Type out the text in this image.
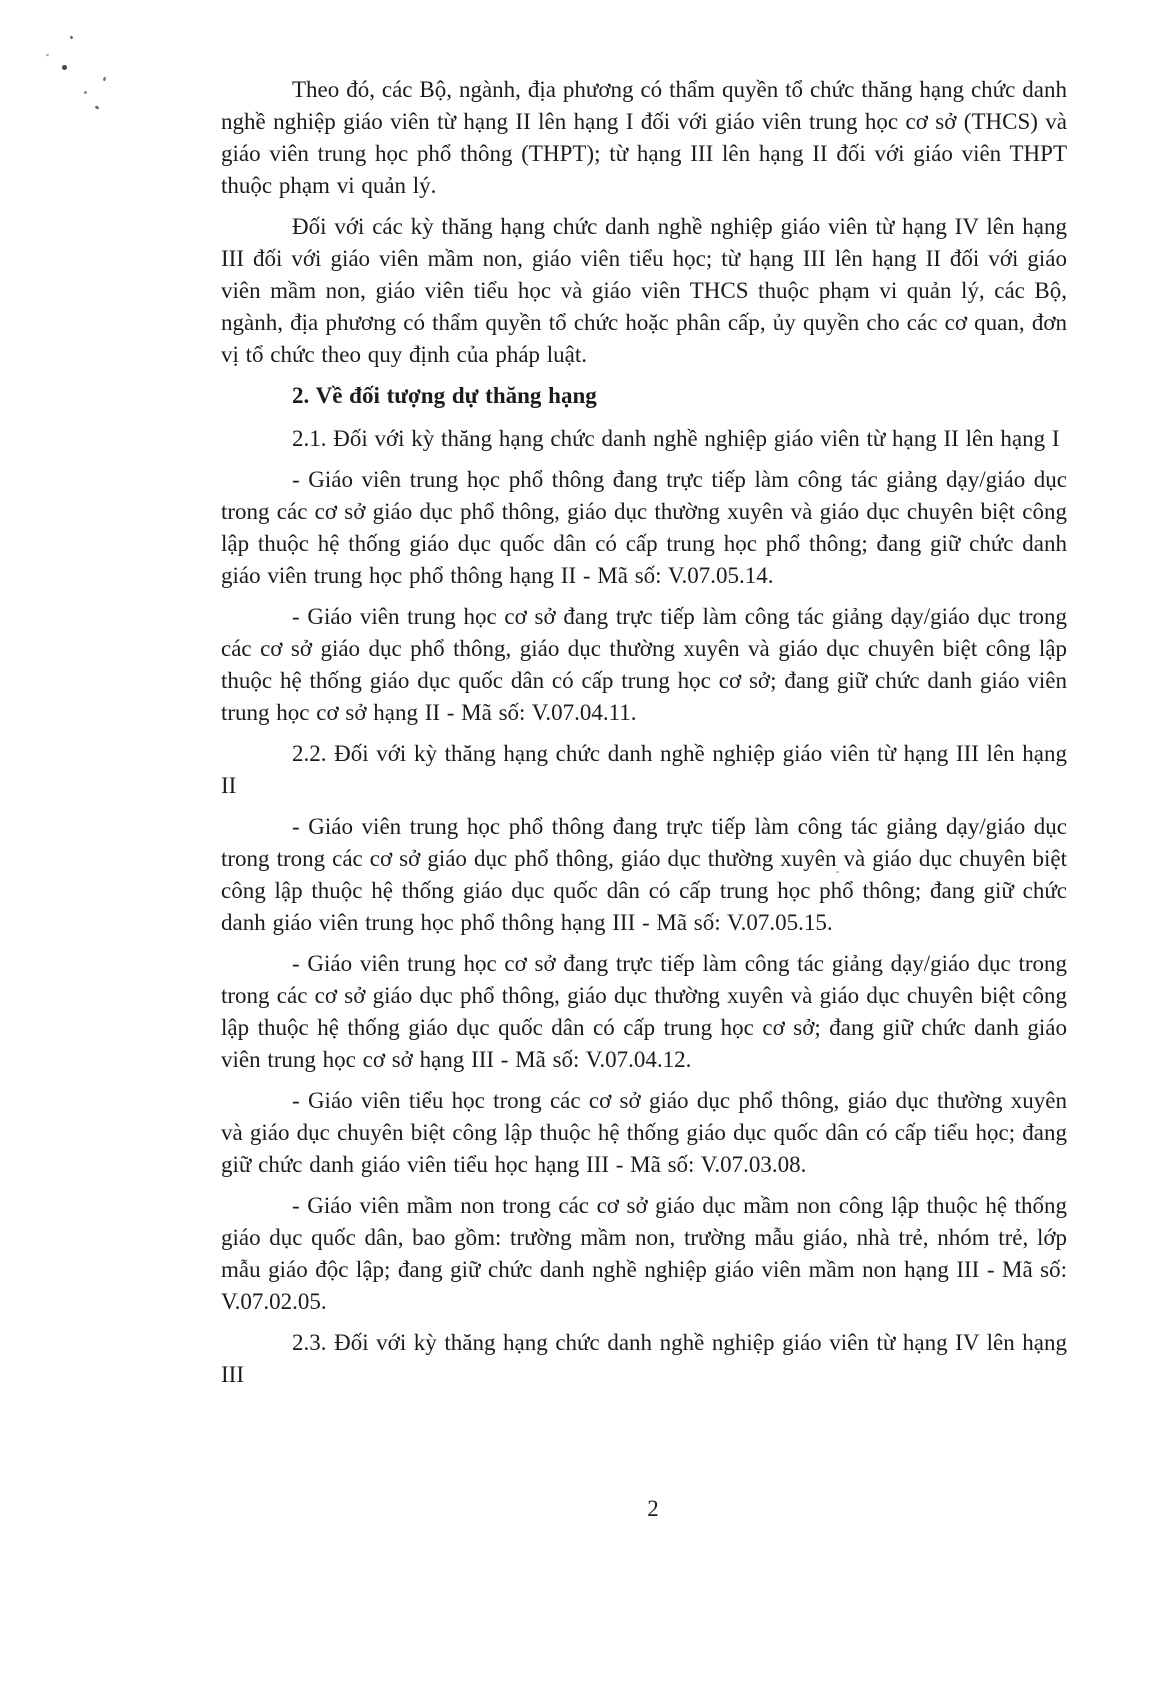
Theo đó, các Bộ, ngành, địa phương có thẩm quyền tổ chức thăng hạng chức danh nghề nghiệp giáo viên từ hạng II lên hạng I đối với giáo viên trung học cơ sở (THCS) và giáo viên trung học phổ thông (THPT); từ hạng III lên hạng II đối với giáo viên THPT thuộc phạm vi quản lý.

Đối với các kỳ thăng hạng chức danh nghề nghiệp giáo viên từ hạng IV lên hạng III đối với giáo viên mầm non, giáo viên tiểu học; từ hạng III lên hạng II đối với giáo viên mầm non, giáo viên tiểu học và giáo viên THCS thuộc phạm vi quản lý, các Bộ, ngành, địa phương có thẩm quyền tổ chức hoặc phân cấp, ủy quyền cho các cơ quan, đơn vị tổ chức theo quy định của pháp luật.

2. Về đối tượng dự thăng hạng

2.1. Đối với kỳ thăng hạng chức danh nghề nghiệp giáo viên từ hạng II lên hạng I

- Giáo viên trung học phổ thông đang trực tiếp làm công tác giảng dạy/giáo dục trong các cơ sở giáo dục phổ thông, giáo dục thường xuyên và giáo dục chuyên biệt công lập thuộc hệ thống giáo dục quốc dân có cấp trung học phổ thông; đang giữ chức danh giáo viên trung học phổ thông hạng II - Mã số: V.07.05.14.

- Giáo viên trung học cơ sở đang trực tiếp làm công tác giảng dạy/giáo dục trong các cơ sở giáo dục phổ thông, giáo dục thường xuyên và giáo dục chuyên biệt công lập thuộc hệ thống giáo dục quốc dân có cấp trung học cơ sở; đang giữ chức danh giáo viên trung học cơ sở hạng II - Mã số: V.07.04.11.

2.2. Đối với kỳ thăng hạng chức danh nghề nghiệp giáo viên từ hạng III lên hạng II

- Giáo viên trung học phổ thông đang trực tiếp làm công tác giảng dạy/giáo dục trong trong các cơ sở giáo dục phổ thông, giáo dục thường xuyên và giáo dục chuyên biệt công lập thuộc hệ thống giáo dục quốc dân có cấp trung học phổ thông; đang giữ chức danh giáo viên trung học phổ thông hạng III - Mã số: V.07.05.15.

- Giáo viên trung học cơ sở đang trực tiếp làm công tác giảng dạy/giáo dục trong trong các cơ sở giáo dục phổ thông, giáo dục thường xuyên và giáo dục chuyên biệt công lập thuộc hệ thống giáo dục quốc dân có cấp trung học cơ sở; đang giữ chức danh giáo viên trung học cơ sở hạng III - Mã số: V.07.04.12.

- Giáo viên tiểu học trong các cơ sở giáo dục phổ thông, giáo dục thường xuyên và giáo dục chuyên biệt công lập thuộc hệ thống giáo dục quốc dân có cấp tiểu học; đang giữ chức danh giáo viên tiểu học hạng III - Mã số: V.07.03.08.

- Giáo viên mầm non trong các cơ sở giáo dục mầm non công lập thuộc hệ thống giáo dục quốc dân, bao gồm: trường mầm non, trường mẫu giáo, nhà trẻ, nhóm trẻ, lớp mẫu giáo độc lập; đang giữ chức danh nghề nghiệp giáo viên mầm non hạng III - Mã số: V.07.02.05.

2.3. Đối với kỳ thăng hạng chức danh nghề nghiệp giáo viên từ hạng IV lên hạng III

2
